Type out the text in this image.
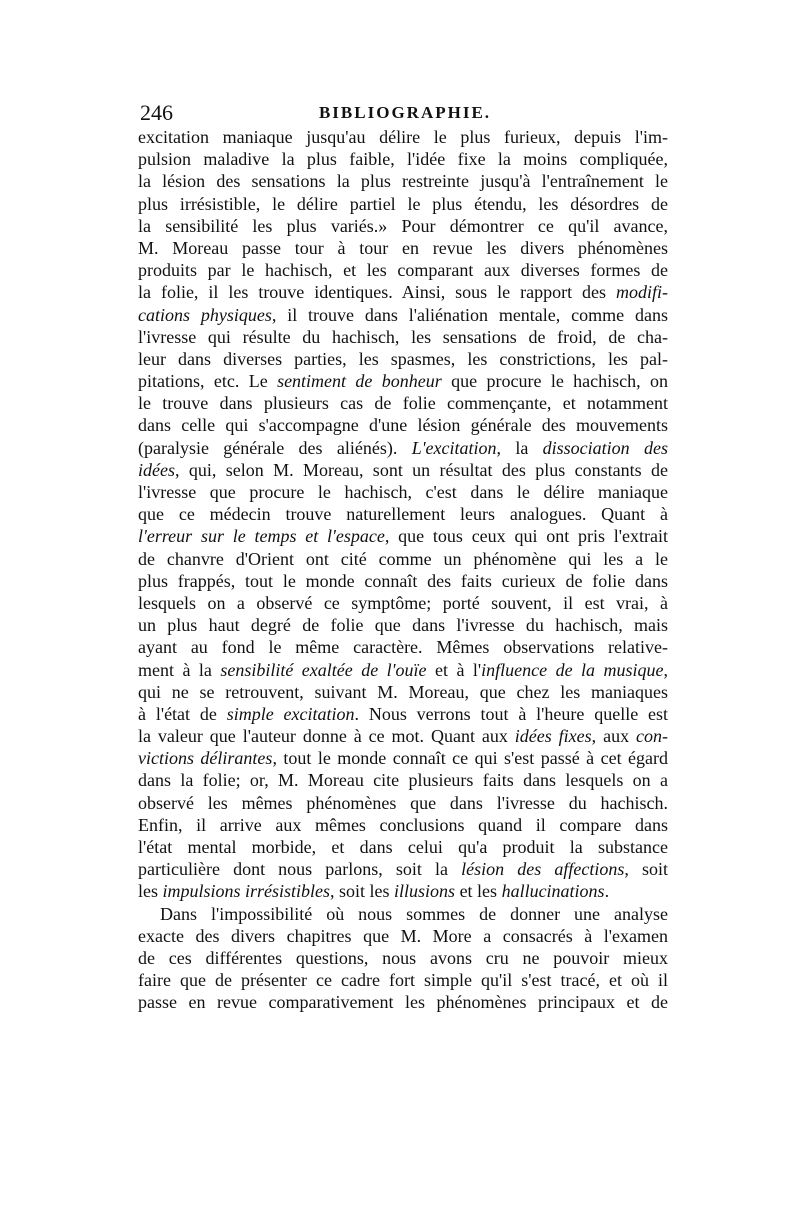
246	BIBLIOGRAPHIE.
excitation maniaque jusqu'au délire le plus furieux, depuis l'im-
pulsion maladive la plus faible, l'idée fixe la moins compliquée,
la lésion des sensations la plus restreinte jusqu'à l'entraînement le
plus irrésistible, le délire partiel le plus étendu, les désordres de
la sensibilité les plus variés.» Pour démontrer ce qu'il avance,
M. Moreau passe tour à tour en revue les divers phénomènes
produits par le hachisch, et les comparant aux diverses formes de
la folie, il les trouve identiques. Ainsi, sous le rapport des modifi-
cations physiques, il trouve dans l'aliénation mentale, comme dans
l'ivresse qui résulte du hachisch, les sensations de froid, de cha-
leur dans diverses parties, les spasmes, les constrictions, les pal-
pitations, etc. Le sentiment de bonheur que procure le hachisch, on
le trouve dans plusieurs cas de folie commençante, et notamment
dans celle qui s'accompagne d'une lésion générale des mouvements
(paralysie générale des aliénés). L'excitation, la dissociation des
idées, qui, selon M. Moreau, sont un résultat des plus constants de
l'ivresse que procure le hachisch, c'est dans le délire maniaque
que ce médecin trouve naturellement leurs analogues. Quant à
l'erreur sur le temps et l'espace, que tous ceux qui ont pris l'extrait
de chanvre d'Orient ont cité comme un phénomène qui les a le
plus frappés, tout le monde connaît des faits curieux de folie dans
lesquels on a observé ce symptôme; porté souvent, il est vrai, à
un plus haut degré de folie que dans l'ivresse du hachisch, mais
ayant au fond le même caractère. Mêmes observations relative-
ment à la sensibilité exaltée de l'ouïe et à l'influence de la musique,
qui ne se retrouvent, suivant M. Moreau, que chez les maniaques
à l'état de simple excitation. Nous verrons tout à l'heure quelle est
la valeur que l'auteur donne à ce mot. Quant aux idées fixes, aux con-
victions délirantes, tout le monde connaît ce qui s'est passé à cet égard
dans la folie; or, M. Moreau cite plusieurs faits dans lesquels on a
observé les mêmes phénomènes que dans l'ivresse du hachisch.
Enfin, il arrive aux mêmes conclusions quand il compare dans
l'état mental morbide, et dans celui qu'a produit la substance
particulière dont nous parlons, soit la lésion des affections, soit
les impulsions irrésistibles, soit les illusions et les hallucinations.
Dans l'impossibilité où nous sommes de donner une analyse
exacte des divers chapitres que M. More a consacrés à l'examen
de ces différentes questions, nous avons cru ne pouvoir mieux
faire que de présenter ce cadre fort simple qu'il s'est tracé, et où il
passe en revue comparativement les phénomènes principaux et de
